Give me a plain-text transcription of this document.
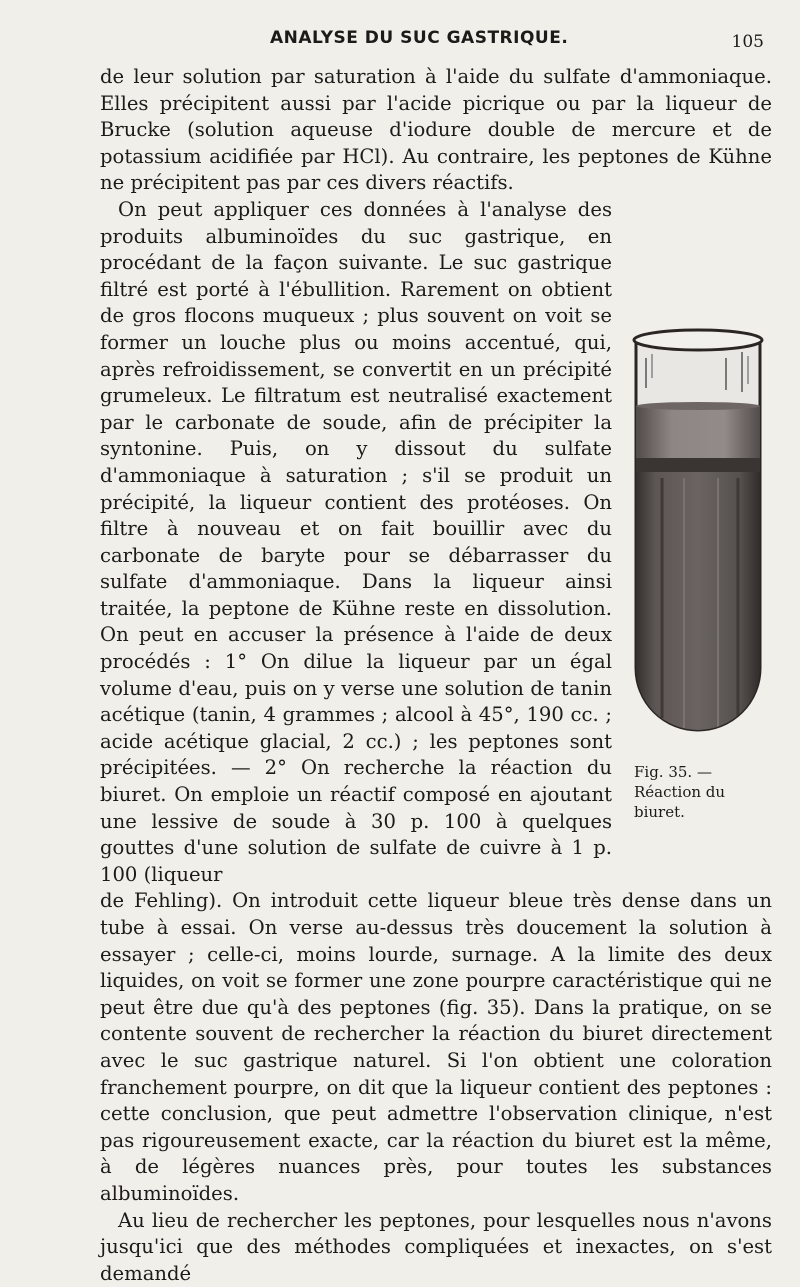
ANALYSE DU SUC GASTRIQUE.	105
Fig. 35. — Réaction du biuret.

de leur solution par saturation à l'aide du sulfate d'ammoniaque. Elles précipitent aussi par l'acide picrique ou par la liqueur de Brucke (solution aqueuse d'iodure double de mercure et de potassium acidifiée par HCl). Au contraire, les peptones de Kühne ne précipitent pas par ces divers réactifs.

On peut appliquer ces données à l'analyse des produits albuminoïdes du suc gastrique, en procédant de la façon suivante. Le suc gastrique filtré est porté à l'ébullition. Rarement on obtient de gros flocons muqueux ; plus souvent on voit se former un louche plus ou moins accentué, qui, après refroidissement, se convertit en un précipité grumeleux. Le filtratum est neutralisé exactement par le carbonate de soude, afin de précipiter la syntonine. Puis, on y dissout du sulfate d'ammoniaque à saturation ; s'il se produit un précipité, la liqueur contient des protéoses. On filtre à nouveau et on fait bouillir avec du carbonate de baryte pour se débarrasser du sulfate d'ammoniaque. Dans la liqueur ainsi traitée, la peptone de Kühne reste en dissolution. On peut en accuser la présence à l'aide de deux procédés : 1° On dilue la liqueur par un égal volume d'eau, puis on y verse une solution de tanin acétique (tanin, 4 grammes ; alcool à 45°, 190 cc. ; acide acétique glacial, 2 cc.) ; les peptones sont précipitées. — 2° On recherche la réaction du biuret. On emploie un réactif composé en ajoutant une lessive de soude à 30 p. 100 à quelques gouttes d'une solution de sulfate de cuivre à 1 p. 100 (liqueur

de Fehling). On introduit cette liqueur bleue très dense dans un tube à essai. On verse au-dessus très doucement la solution à essayer ; celle-ci, moins lourde, surnage. A la limite des deux liquides, on voit se former une zone pourpre caractéristique qui ne peut être due qu'à des peptones (fig. 35). Dans la pratique, on se contente souvent de rechercher la réaction du biuret directement avec le suc gastrique naturel. Si l'on obtient une coloration franchement pourpre, on dit que la liqueur contient des peptones : cette conclusion, que peut admettre l'observation clinique, n'est pas rigoureusement exacte, car la réaction du biuret est la même, à de légères nuances près, pour toutes les substances albuminoïdes.

Au lieu de rechercher les peptones, pour lesquelles nous n'avons jusqu'ici que des méthodes compliquées et inexactes, on s'est demandé
